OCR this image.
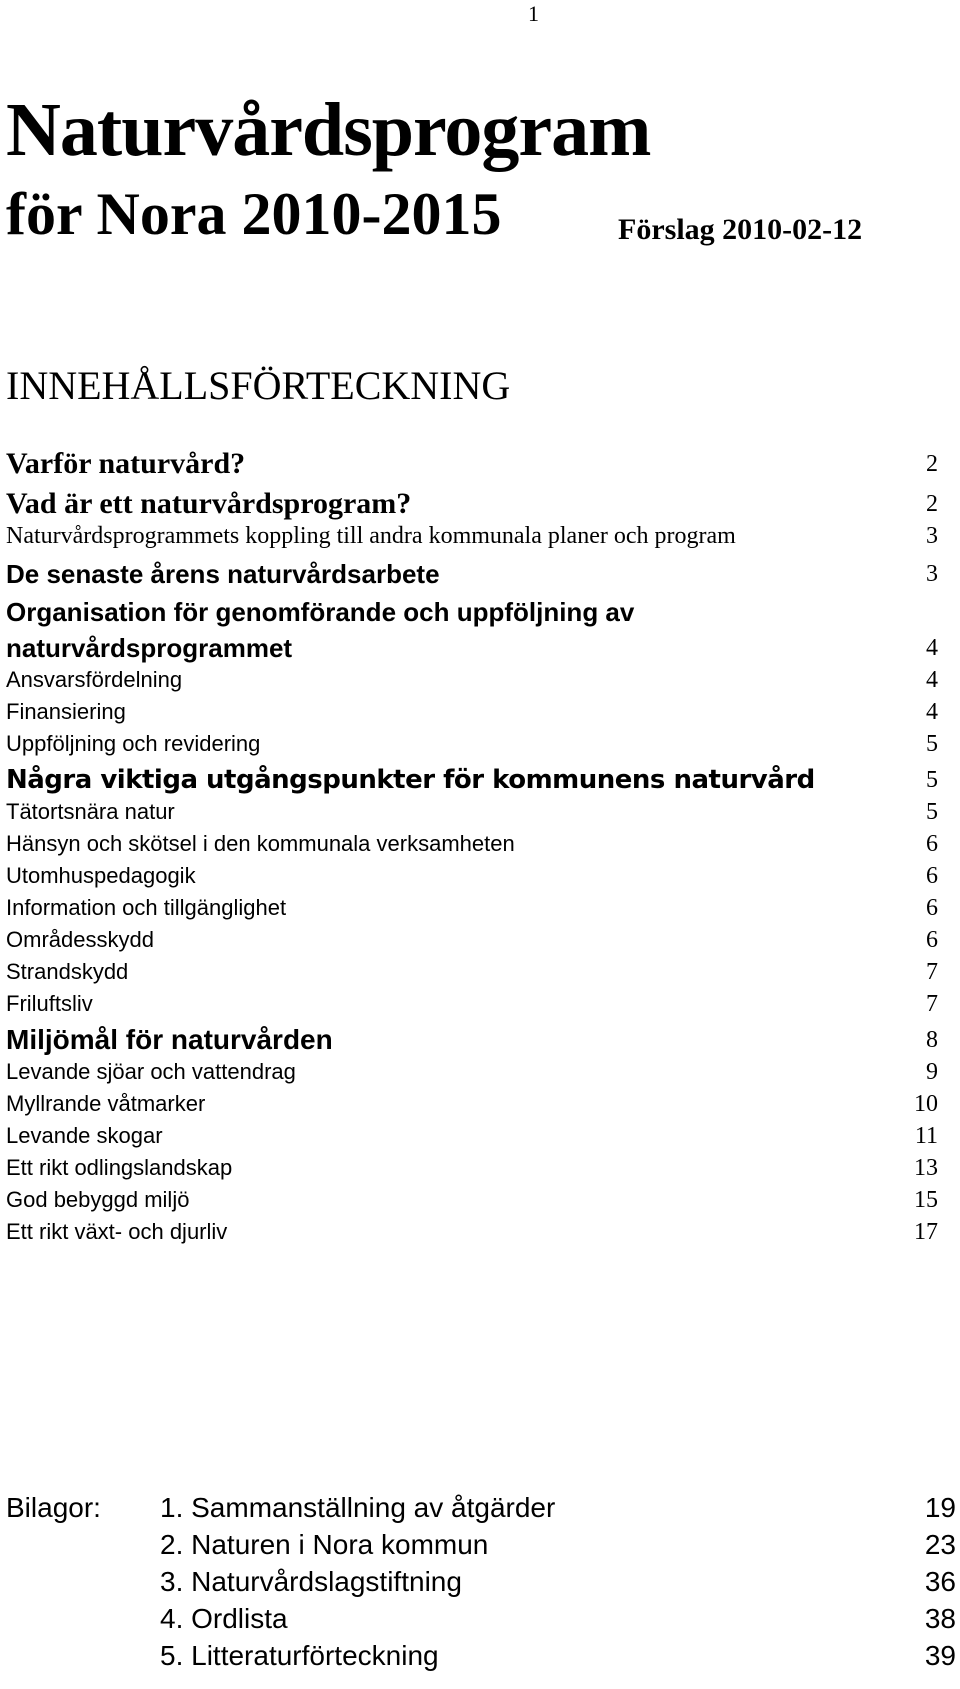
1
Naturvårdsprogram
för Nora 2010-2015	Förslag 2010-02-12
INNEHÅLLSFÖRTECKNING
Varför naturvård?	2
Vad är ett naturvårdsprogram?	2
Naturvårdsprogrammets koppling till andra kommunala planer och program	3
De senaste årens naturvårdsarbete	3
Organisation för genomförande och uppföljning av
naturvårdsprogrammet	4
Ansvarsfördelning	4
Finansiering	4
Uppföljning och revidering	5
Några viktiga utgångspunkter för kommunens naturvård	5
Tätortsnära natur	5
Hänsyn och skötsel i den kommunala verksamheten	6
Utomhuspedagogik	6
Information och tillgänglighet	6
Områdesskydd	6
Strandskydd	7
Friluftsliv	7
Miljömål för naturvården	8
Levande sjöar och vattendrag	9
Myllrande våtmarker	10
Levande skogar	11
Ett rikt odlingslandskap	13
God bebyggd miljö	15
Ett rikt växt- och djurliv	17
Bilagor: 1. Sammanställning av åtgärder	19
2. Naturen i Nora kommun	23
3. Naturvårdslagstiftning	36
4. Ordlista	38
5. Litteraturförteckning	39
